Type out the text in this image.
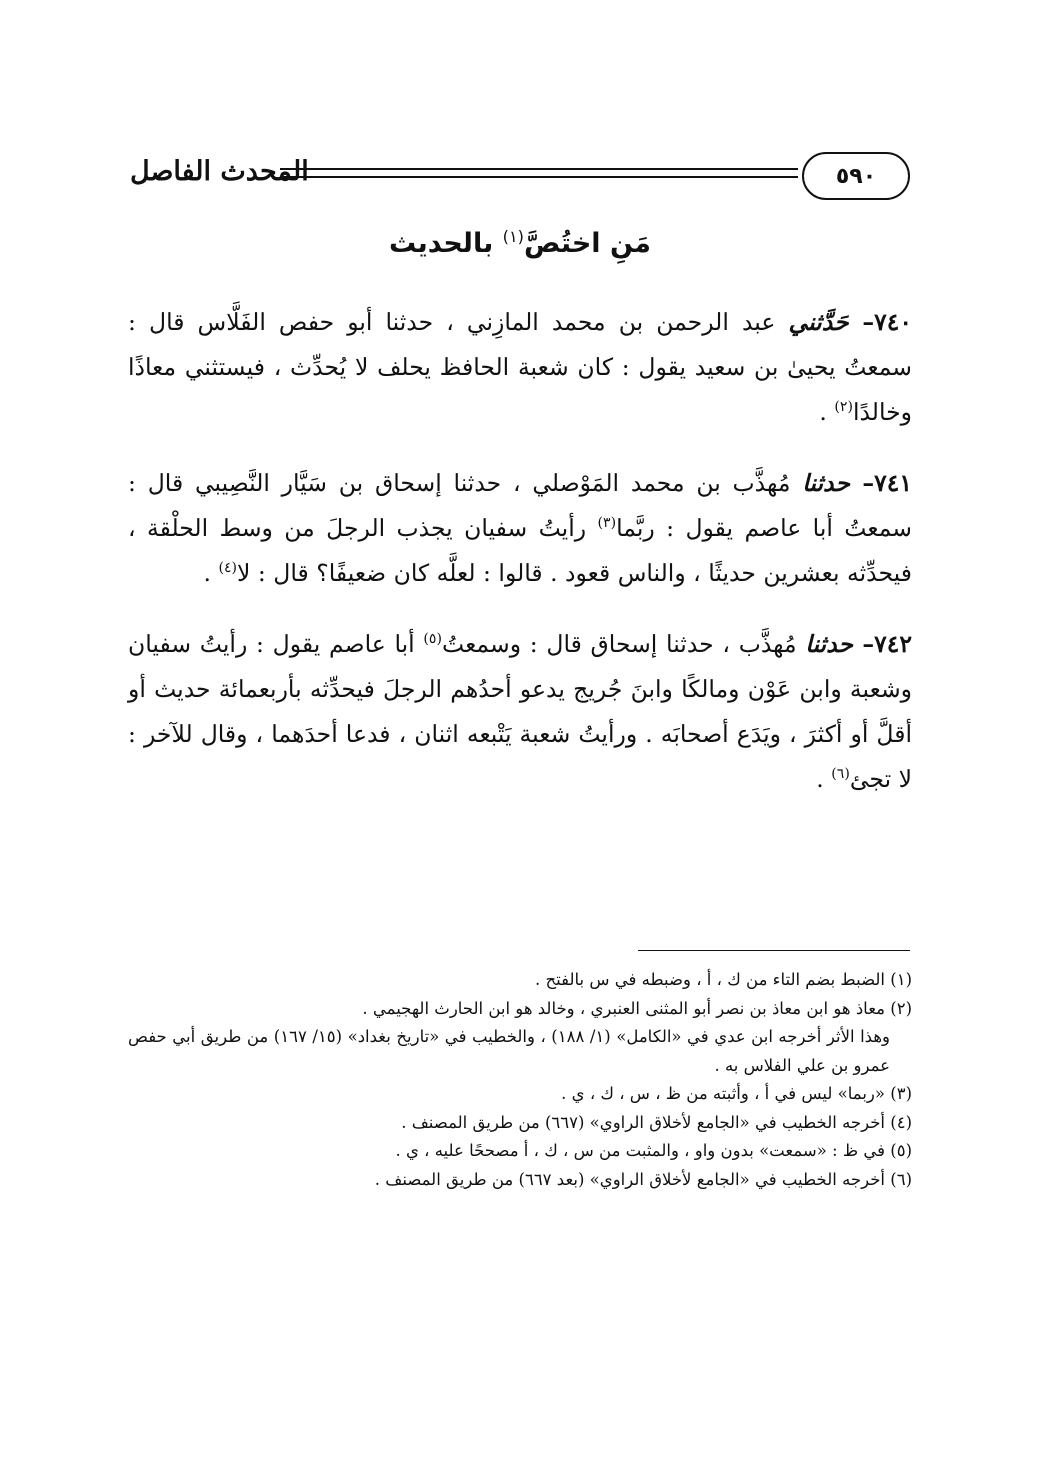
٥٩٠
المحدث الفاصل
مَنِ اختُصَّ$^{(١)}$ بالحديث

٧٤٠– حَدَّثني عبد الرحمن بن محمد المازِني ، حدثنا أبو حفص الفَلَّاس قال : سمعتُ يحيىٰ بن سعيد يقول : كان شعبة الحافظ يحلف لا يُحدِّث ، فيستثني معاذًا وخالدًا$^{(٢)}$ .

٧٤١– حدثنا مُهذَّب بن محمد المَوْصلي ، حدثنا إسحاق بن سَيَّار النَّصِيبي قال : سمعتُ أبا عاصم يقول : ربَّما$^{(٣)}$ رأيتُ سفيان يجذب الرجلَ من وسط الحلْقة ، فيحدِّثه بعشرين حديثًا ، والناس قعود . قالوا : لعلَّه كان ضعيفًا؟ قال : لا$^{(٤)}$ .

٧٤٢– حدثنا مُهذَّب ، حدثنا إسحاق قال : وسمعتُ$^{(٥)}$ أبا عاصم يقول : رأيتُ سفيان وشعبة وابن عَوْن ومالكًا وابنَ جُريج يدعو أحدُهم الرجلَ فيحدِّثه بأربعمائة حديث أو أقلَّ أو أكثرَ ، ويَدَع أصحابَه . ورأيتُ شعبة يَتْبعه اثنان ، فدعا أحدَهما ، وقال للآخر : لا تجئ$^{(٦)}$ .

(١) الضبط بضم التاء من ك ، أ ، وضبطه في س بالفتح .

(٢) معاذ هو ابن معاذ بن نصر أبو المثنى العنبري ، وخالد هو ابن الحارث الهجيمي .

وهذا الأثر أخرجه ابن عدي في «الكامل» (١/ ١٨٨) ، والخطيب في «تاريخ بغداد» (١٥/ ١٦٧) من طريق أبي حفص عمرو بن علي الفلاس به .

(٣) «ربما» ليس في أ ، وأثبته من ظ ، س ، ك ، ي .

(٤) أخرجه الخطيب في «الجامع لأخلاق الراوي» (٦٦٧) من طريق المصنف .

(٥) في ظ : «سمعت» بدون واو ، والمثبت من س ، ك ، أ مصححًا عليه ، ي .

(٦) أخرجه الخطيب في «الجامع لأخلاق الراوي» (بعد ٦٦٧) من طريق المصنف .
